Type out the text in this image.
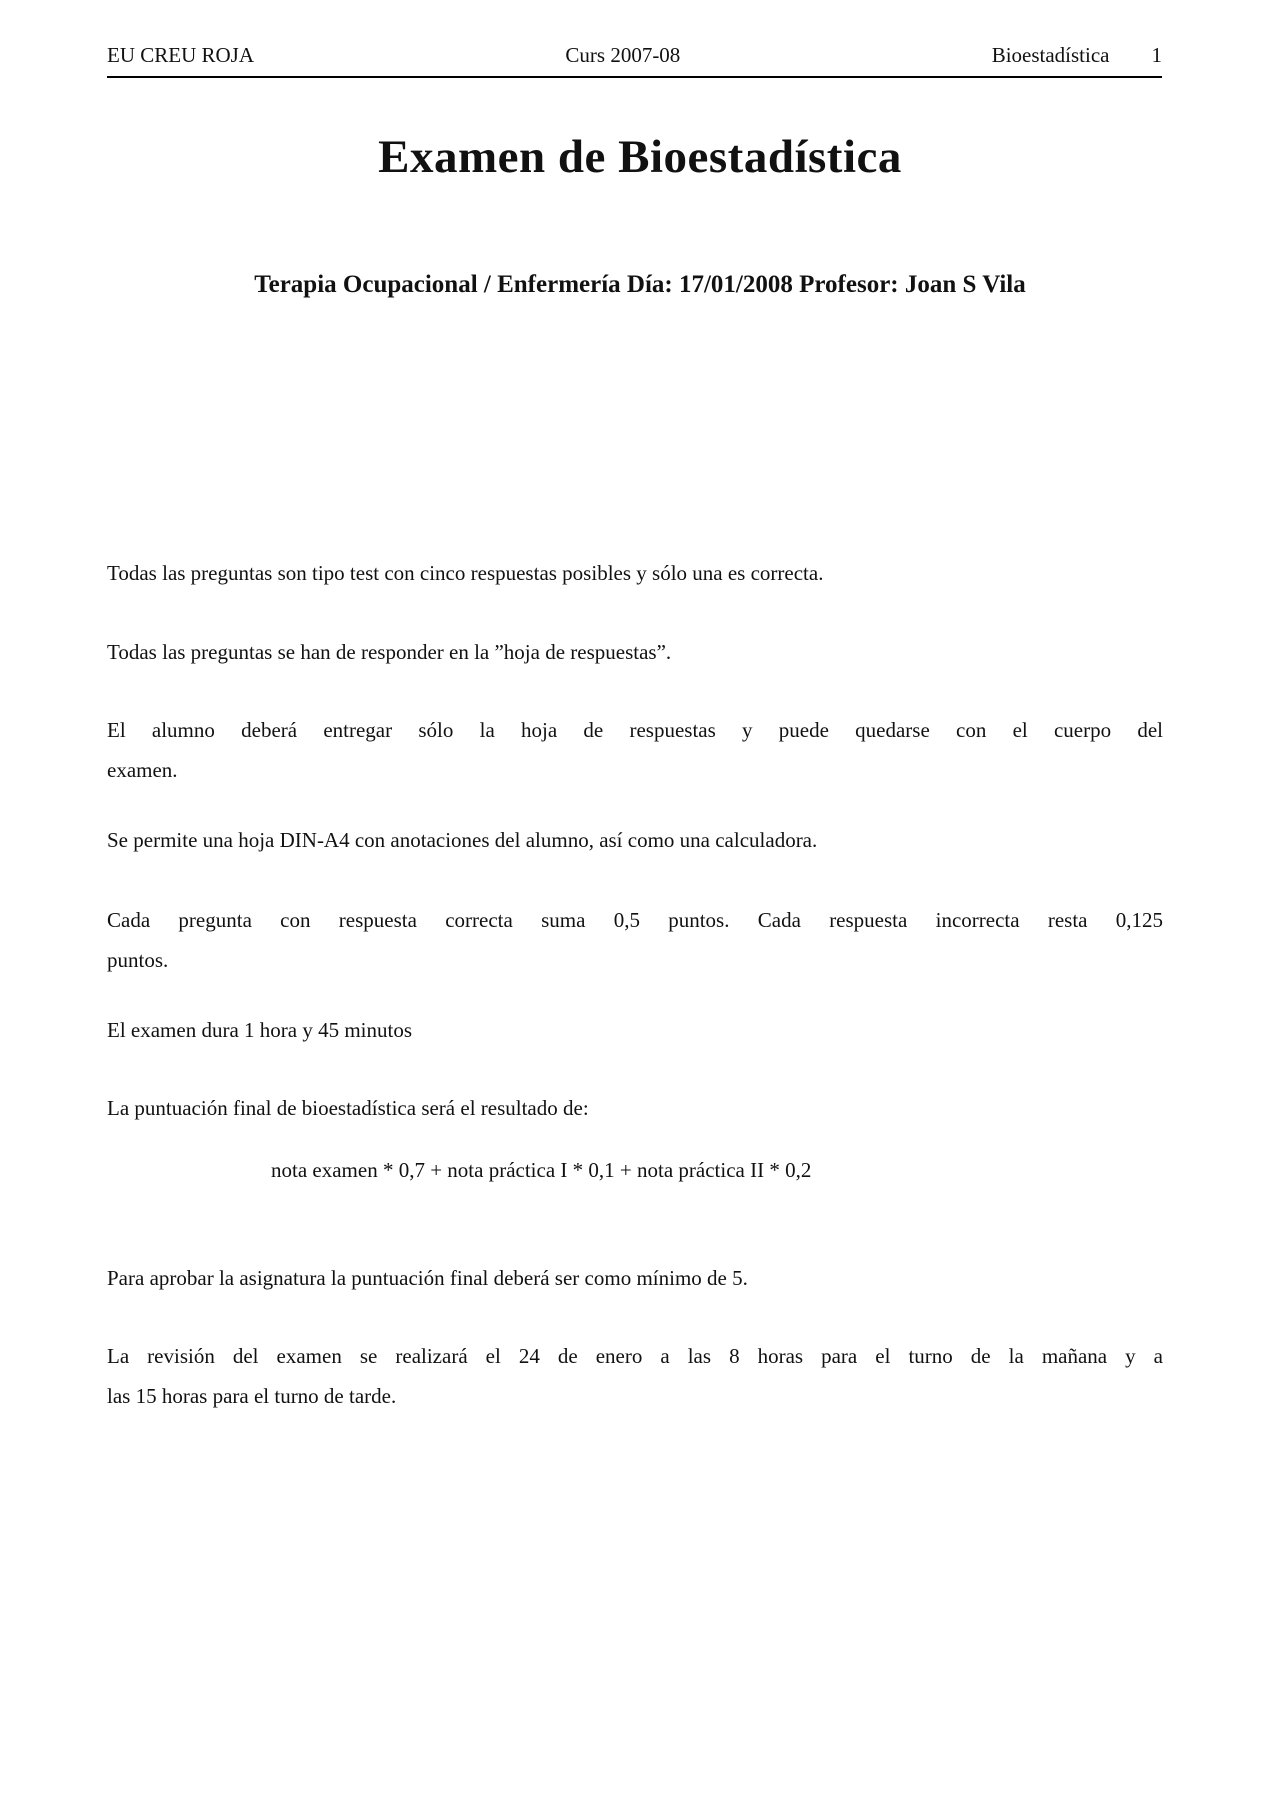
EU CREU ROJA	Curs 2007-08	Bioestadística 1
Examen de Bioestadística
Terapia Ocupacional / Enfermería Día: 17/01/2008 Profesor: Joan S Vila

Todas las preguntas son tipo test con cinco respuestas posibles y sólo una es correcta.

Todas las preguntas se han de responder en la ”hoja de respuestas”.

El alumno deberá entregar sólo la hoja de respuestas y puede quedarse con el cuerpo del
examen.

Se permite una hoja DIN-A4 con anotaciones del alumno, así como una calculadora.

Cada pregunta con respuesta correcta suma 0,5 puntos. Cada respuesta incorrecta resta 0,125
puntos.

El examen dura 1 hora y 45 minutos

La puntuación final de bioestadística será el resultado de:

nota examen * 0,7 + nota práctica I * 0,1 + nota práctica II * 0,2

Para aprobar la asignatura la puntuación final deberá ser como mínimo de 5.

La revisión del examen se realizará el 24 de enero a las 8 horas para el turno de la mañana y a
las 15 horas para el turno de tarde.
